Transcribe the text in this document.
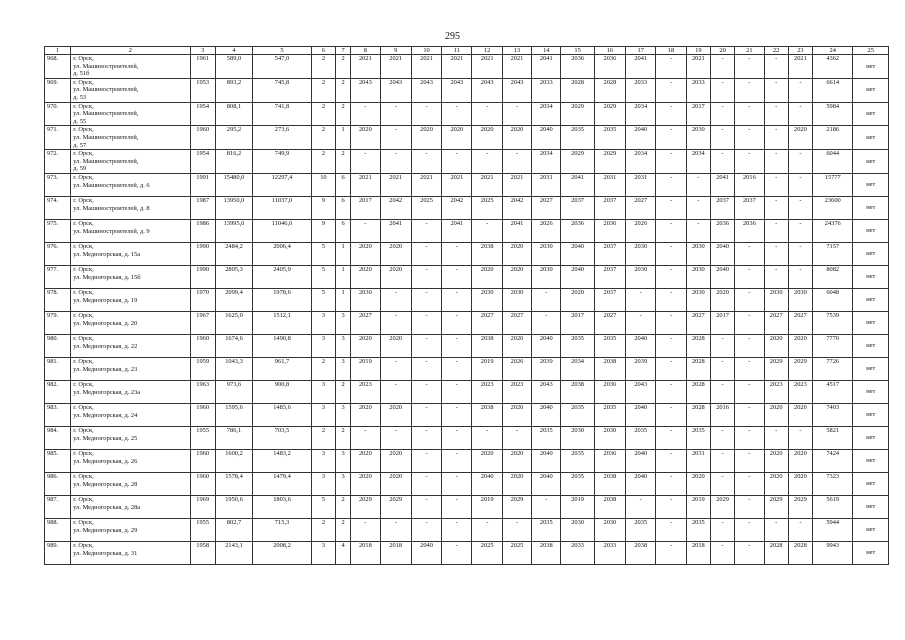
295
1	2	3	4	5	6	7	8	9	10	11	12	13	14	15	16	17	18	19	20	21	22	23	24	25
968.	г. Орск,
ул. Машиностроителей,
д. 51б	1961	589,0	547,0	2	2	2021	2021	2021	2021	2021	2021	2041	2036	2036	2041	-	2021	-	-	-	2021	4362	нет
969.	г. Орск,
ул. Машиностроителей,
д. 53	1953	893,2	745,8	2	2	2043	2043	2043	2043	2043	2043	2033	2028	2028	2033	-	2033	-	-	-	-	6614	нет
970.	г. Орск,
ул. Машиностроителей,
д. 55	1954	808,1	741,8	2	2	-	-	-	-	-	-	2034	2029	2029	2034	-	2017	-	-	-	-	5984	нет
971.	г. Орск,
ул. Машиностроителей,
д. 57	1960	295,2	273,6	2	1	2020	-	2020	2020	2020	2020	2040	2035	2035	2040	-	2030	-	-	-	2020	2186	нет
972.	г. Орск,
ул. Машиностроителей,
д. 59	1954	816,2	749,9	2	2	-	-	-	-	-	-	2034	2029	2029	2034	-	2034	-	-	-	-	6044	нет
973.	г. Орск,
ул. Машиностроителей, д. 6	1991	15480,0	12297,4	10	6	2021	2021	2021	2021	2021	2021	2031	2041	2031	2031	-	-	2041	2016	-	-	15777	нет
974.	г. Орск,
ул. Машиностроителей, д. 8	1987	13950,0	11037,0	9	6	2017	2042	2025	2042	2025	2042	2027	2037	2037	2027	-	-	2037	2037	-	-	23600	нет
975.	г. Орск,
ул. Машиностроителей, д. 9	1986	13995,0	11046,0	9	6	-	2041	-	2041	-	2041	2026	2036	2036	2026	-	-	2036	2036	-	-	24376	нет
976.	г. Орск,
ул. Медногорская, д. 15а	1990	2484,2	2006,4	5	1	2020	2020	-	-	2038	2020	2030	2040	2037	2030	-	2030	2040	-	-	-	7157	нет
977.	г. Орск,
ул. Медногорская, д. 15б	1990	2805,3	2405,9	5	1	2020	2020	-	-	2020	2020	2030	2040	2037	2030	-	2030	2040	-	-	-	8082	нет
978.	г. Орск,
ул. Медногорская, д. 19	1970	2099,4	1978,6	5	1	2030	-	-	-	2030	2030	-	2020	2037	-	-	2030	2020	-	2030	2030	6048	нет
979.	г. Орск,
ул. Медногорская, д. 20	1967	1625,0	1512,1	3	3	2027	-	-	-	2027	2027	-	2017	2027	-	-	2027	2017	-	2027	2027	7539	нет
980.	г. Орск,
ул. Медногорская, д. 22	1960	1674,6	1490,8	3	3	2020	2020	-	-	2038	2020	2040	2035	2035	2040	-	2028	-	-	2020	2020	7770	нет
981.	г. Орск,
ул. Медногорская, д. 23	1959	1043,3	961,7	2	3	2019	-	-	-	2019	2026	2039	2034	2038	2039	-	2028	-	-	2029	2029	7726	нет
982.	г. Орск,
ул. Медногорская, д. 23а	1963	973,6	900,8	3	2	2023	-	-	-	2023	2023	2043	2038	2036	2043	-	2028	-	-	2023	2023	4517	нет
983.	г. Орск,
ул. Медногорская, д. 24	1960	1595,6	1483,6	3	3	2020	2020	-	-	2038	2020	2040	2035	2035	2040	-	2028	2016	-	2020	2020	7403	нет
984.	г. Орск,
ул. Медногорская, д. 25	1955	786,1	703,5	2	2	-	-	-	-	-	-	2035	2030	2030	2035	-	2035	-	-	-	-	5821	нет
985.	г. Орск,
ул. Медногорская, д. 26	1960	1600,2	1483,2	3	3	2020	2020	-	-	2020	2020	2040	2035	2036	2040	-	2031	-	-	2020	2020	7424	нет
986.	г. Орск,
ул. Медногорская, д. 28	1960	1578,4	1479,4	3	3	2020	2020	-	-	2040	2020	2040	2035	2038	2040	-	2020	-	-	2020	2020	7323	нет
987.	г. Орск,
ул. Медногорская, д. 28а	1969	1950,6	1803,6	5	2	2029	2029	-	-	2019	2029	-	2019	2038	-	-	2019	2029	-	2029	2029	5619	нет
988.	г. Орск,
ул. Медногорская, д. 29	1955	802,7	715,3	2	2	-	-	-	-	-	-	2035	2030	2030	2035	-	2035	-	-	-	-	5944	нет
989.	г. Орск,
ул. Медногорская, д. 31	1958	2143,1	2008,2	3	4	2018	2018	2040	-	2025	2025	2038	2033	2033	2038	-	2018	-	-	2028	2028	9943	нет
